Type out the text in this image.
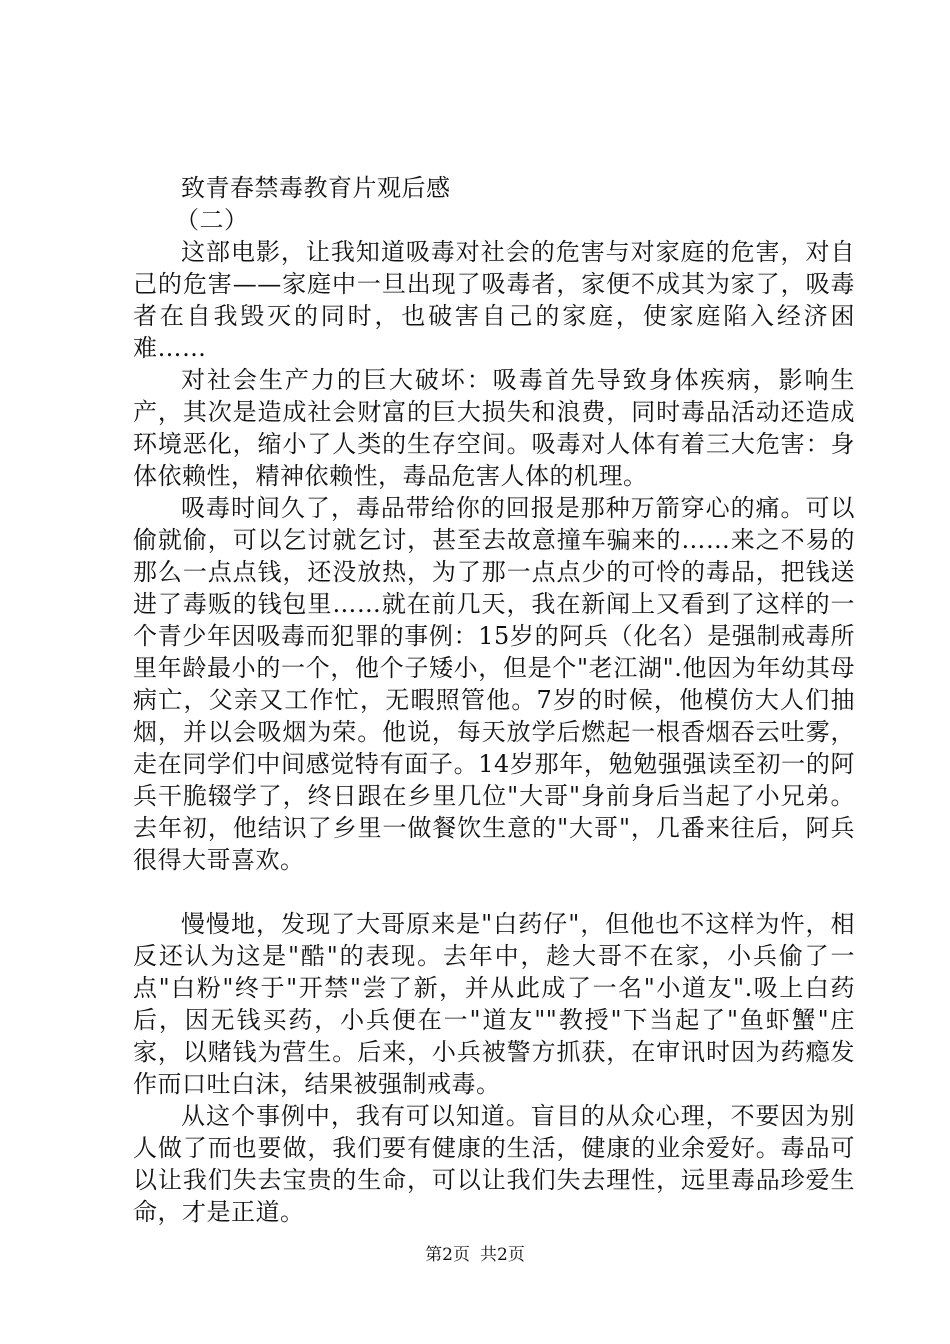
致青春禁毒教育片观后感

（二）

这部电影，让我知道吸毒对社会的危害与对家庭的危害，对自己的危害——家庭中一旦出现了吸毒者，家便不成其为家了，吸毒者在自我毁灭的同时，也破害自己的家庭，使家庭陷入经济困难……

对社会生产力的巨大破坏：吸毒首先导致身体疾病，影响生产，其次是造成社会财富的巨大损失和浪费，同时毒品活动还造成环境恶化，缩小了人类的生存空间。吸毒对人体有着三大危害：身体依赖性，精神依赖性，毒品危害人体的机理。

吸毒时间久了，毒品带给你的回报是那种万箭穿心的痛。可以偷就偷，可以乞讨就乞讨，甚至去故意撞车骗来的……来之不易的那么一点点钱，还没放热，为了那一点点少的可怜的毒品，把钱送进了毒贩的钱包里……就在前几天，我在新闻上又看到了这样的一个青少年因吸毒而犯罪的事例：15岁的阿兵（化名）是强制戒毒所里年龄最小的一个，他个子矮小，但是个"老江湖".他因为年幼其母病亡，父亲又工作忙，无暇照管他。7岁的时候，他模仿大人们抽烟，并以会吸烟为荣。他说，每天放学后燃起一根香烟吞云吐雾，走在同学们中间感觉特有面子。14岁那年，勉勉强强读至初一的阿兵干脆辍学了，终日跟在乡里几位"大哥"身前身后当起了小兄弟。去年初，他结识了乡里一做餐饮生意的"大哥"，几番来往后，阿兵很得大哥喜欢。

慢慢地，发现了大哥原来是"白药仔"，但他也不这样为忤，相反还认为这是"酷"的表现。去年中，趁大哥不在家，小兵偷了一点"白粉"终于"开禁"尝了新，并从此成了一名"小道友".吸上白药后，因无钱买药，小兵便在一"道友""教授"下当起了"鱼虾蟹"庄家，以赌钱为营生。后来，小兵被警方抓获，在审讯时因为药瘾发作而口吐白沫，结果被强制戒毒。

从这个事例中，我有可以知道。盲目的从众心理，不要因为别人做了而也要做，我们要有健康的生活，健康的业余爱好。毒品可以让我们失去宝贵的生命，可以让我们失去理性，远里毒品珍爱生命，才是正道。

第2页 共2页
